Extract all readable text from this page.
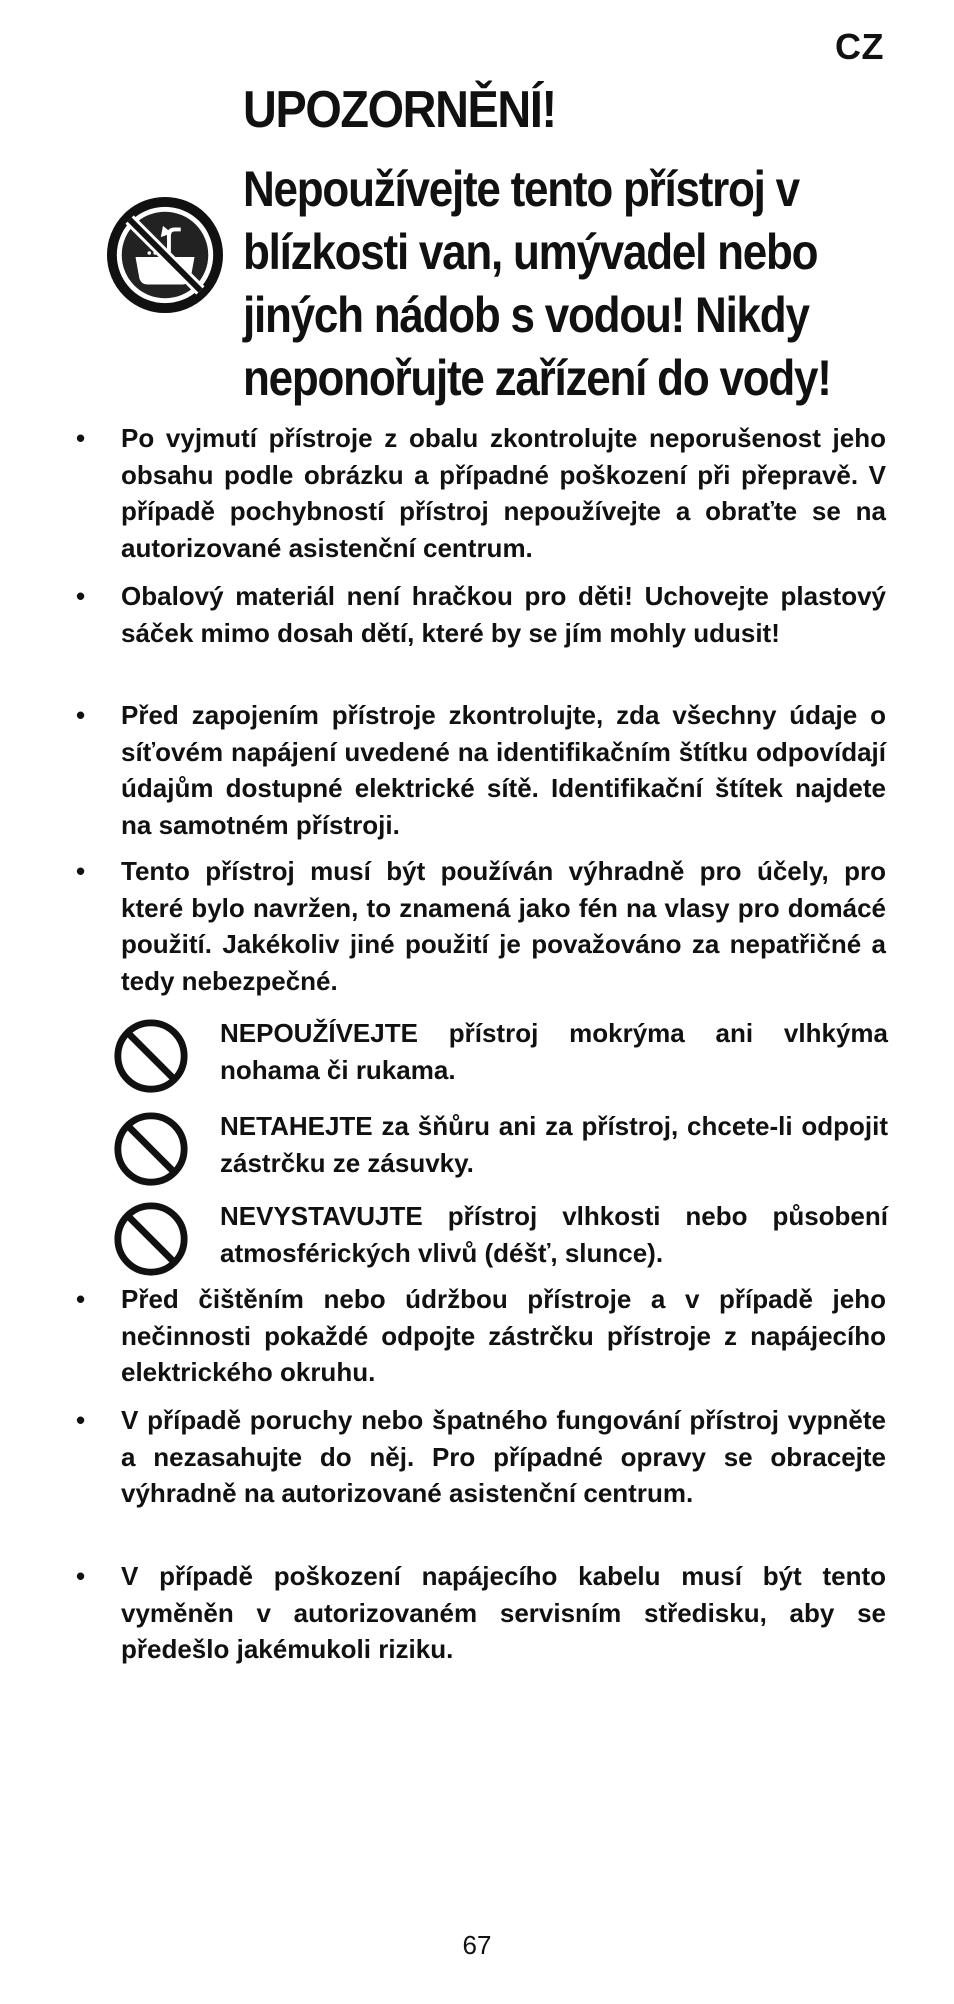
CZ
UPOZORNĚNÍ!

Nepoužívejte tento přístroj v blízkosti van, umývadel nebo jiných nádob s vodou! Nikdy neponořujte zařízení do vody!

• Po vyjmutí přístroje z obalu zkontrolujte neporušenost jeho obsahu podle obrázku a případné poškození při přepravě. V případě pochybností přístroj nepoužívejte a obraťte se na autorizované asistenční centrum.
• Obalový materiál není hračkou pro děti! Uchovejte plastový sáček mimo dosah dětí, které by se jím mohly udusit!
• Před zapojením přístroje zkontrolujte, zda všechny údaje o síťovém napájení uvedené na identifikačním štítku odpovídají údajům dostupné elektrické sítě. Identifikační štítek najdete na samotném přístroji.
• Tento přístroj musí být používán výhradně pro účely, pro které bylo navržen, to znamená jako fén na vlasy pro domácé použití. Jakékoliv jiné použití je považováno za nepatřičné a tedy nebezpečné.
NEPOUŽÍVEJTE přístroj mokrýma ani vlhkýma nohama či rukama.
NETAHEJTE za šňůru ani za přístroj, chcete-li odpojit zástrčku ze zásuvky.
NEVYSTAVUJTE přístroj vlhkosti nebo působení atmosférických vlivů (déšť, slunce).
• Před čištěním nebo údržbou přístroje a v případě jeho nečinnosti pokaždé odpojte zástrčku přístroje z napájecího elektrického okruhu.
• V případě poruchy nebo špatného fungování přístroj vypněte a nezasahujte do něj. Pro případné opravy se obracejte výhradně na autorizované asistenční centrum.
• V případě poškození napájecího kabelu musí být tento vyměněn v autorizovaném servisním středisku, aby se předešlo jakémukoli riziku.
67
